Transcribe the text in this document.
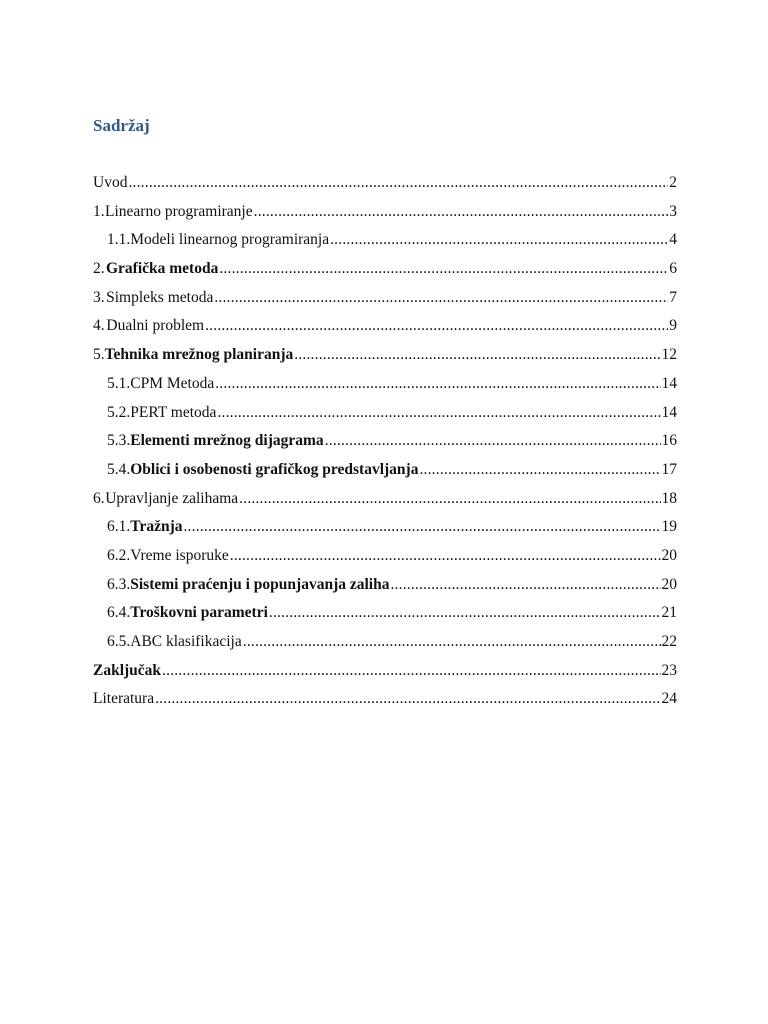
Sadržaj
Uvod .....	2
1. Linearno programiranje .....	3
1.1. Modeli linearnog programiranja .....	4
2. Grafička metoda .....	6
3. Simpleks metoda .....	7
4. Dualni problem .....	9
5. Tehnika mrežnog planiranja .....	12
5.1. CPM Metoda .....	14
5.2. PERT metoda .....	14
5.3. Elementi mrežnog dijagrama .....	16
5.4. Oblici i osobenosti grafičkog predstavljanja .....	17
6. Upravljanje zalihama .....	18
6.1. Tražnja .....	19
6.2. Vreme isporuke .....	20
6.3. Sistemi praćenju i popunjavanja zaliha .....	20
6.4. Troškovni parametri .....	21
6.5. ABC klasifikacija .....	22
Zaključak .....	23
Literatura .....	24
